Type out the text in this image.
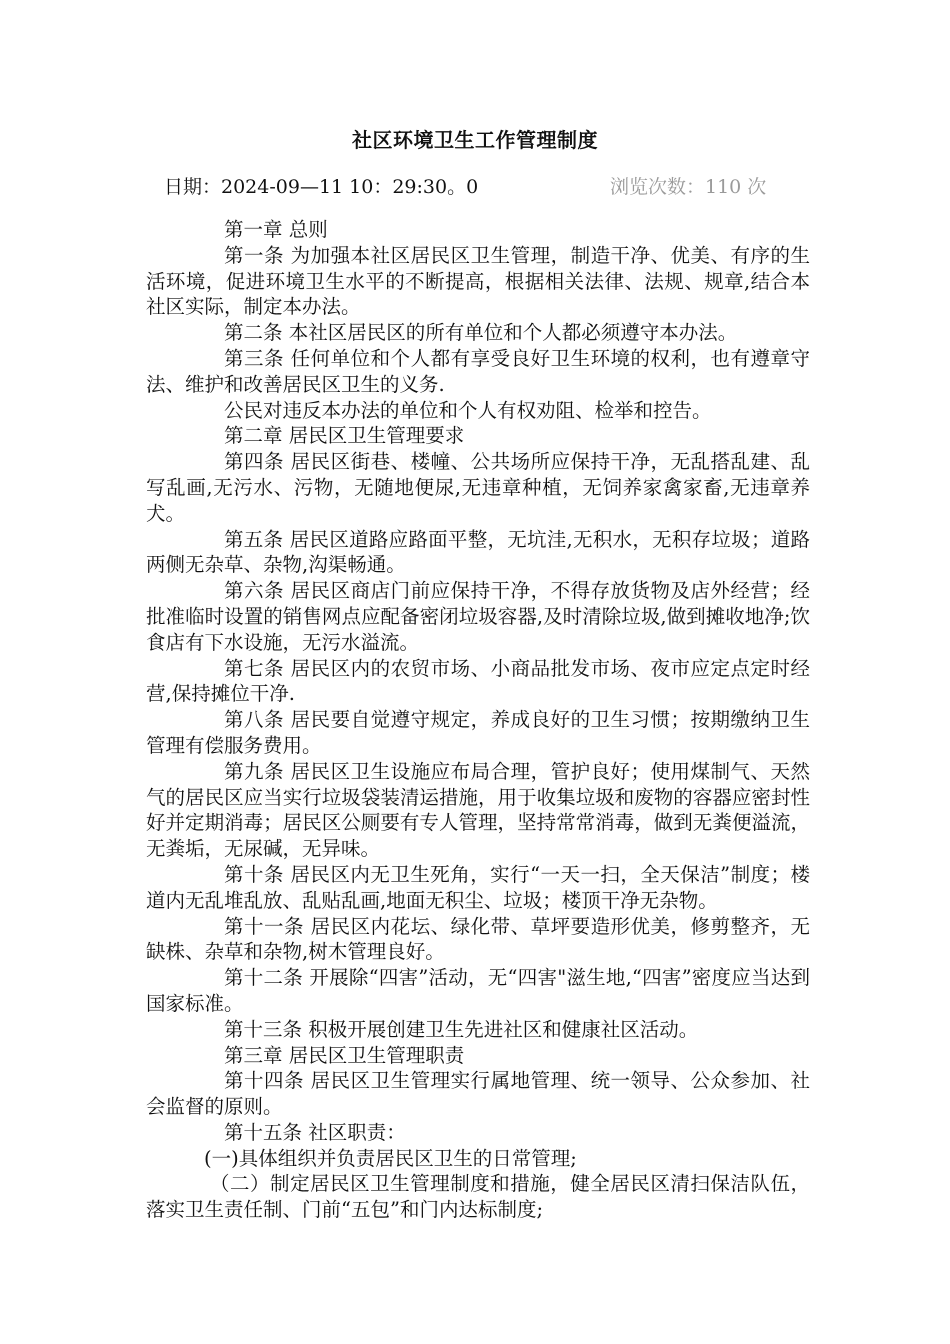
社区环境卫生工作管理制度
日期：2024-09—11 10：29:30。0	浏览次数：110 次

第一章 总则

第一条 为加强本社区居民区卫生管理，制造干净、优美、有序的生活环境，促进环境卫生水平的不断提高，根据相关法律、法规、规章,结合本社区实际，制定本办法。

第二条 本社区居民区的所有单位和个人都必须遵守本办法。

第三条 任何单位和个人都有享受良好卫生环境的权利，也有遵章守法、维护和改善居民区卫生的义务.

公民对违反本办法的单位和个人有权劝阻、检举和控告。

第二章 居民区卫生管理要求

第四条 居民区街巷、楼幢、公共场所应保持干净，无乱搭乱建、乱写乱画,无污水、污物，无随地便尿,无违章种植，无饲养家禽家畜,无违章养犬。

第五条 居民区道路应路面平整，无坑洼,无积水，无积存垃圾；道路两侧无杂草、杂物,沟渠畅通。

第六条 居民区商店门前应保持干净，不得存放货物及店外经营；经批准临时设置的销售网点应配备密闭垃圾容器,及时清除垃圾,做到摊收地净;饮食店有下水设施，无污水溢流。

第七条 居民区内的农贸市场、小商品批发市场、夜市应定点定时经营,保持摊位干净.

第八条 居民要自觉遵守规定，养成良好的卫生习惯；按期缴纳卫生管理有偿服务费用。

第九条 居民区卫生设施应布局合理，管护良好；使用煤制气、天然气的居民区应当实行垃圾袋装清运措施，用于收集垃圾和废物的容器应密封性好并定期消毒；居民区公厕要有专人管理，坚持常常消毒，做到无粪便溢流，无粪垢，无尿碱，无异味。

第十条 居民区内无卫生死角，实行“一天一扫，全天保洁”制度；楼道内无乱堆乱放、乱贴乱画,地面无积尘、垃圾；楼顶干净无杂物。

第十一条 居民区内花坛、绿化带、草坪要造形优美，修剪整齐，无缺株、杂草和杂物,树木管理良好。

第十二条 开展除“四害”活动，无“四害"滋生地,“四害”密度应当达到国家标准。

第十三条 积极开展创建卫生先进社区和健康社区活动。

第三章 居民区卫生管理职责

第十四条 居民区卫生管理实行属地管理、统一领导、公众参加、社会监督的原则。

第十五条 社区职责：

(一)具体组织并负责居民区卫生的日常管理;

（二）制定居民区卫生管理制度和措施，健全居民区清扫保洁队伍，落实卫生责任制、门前“五包”和门内达标制度;
